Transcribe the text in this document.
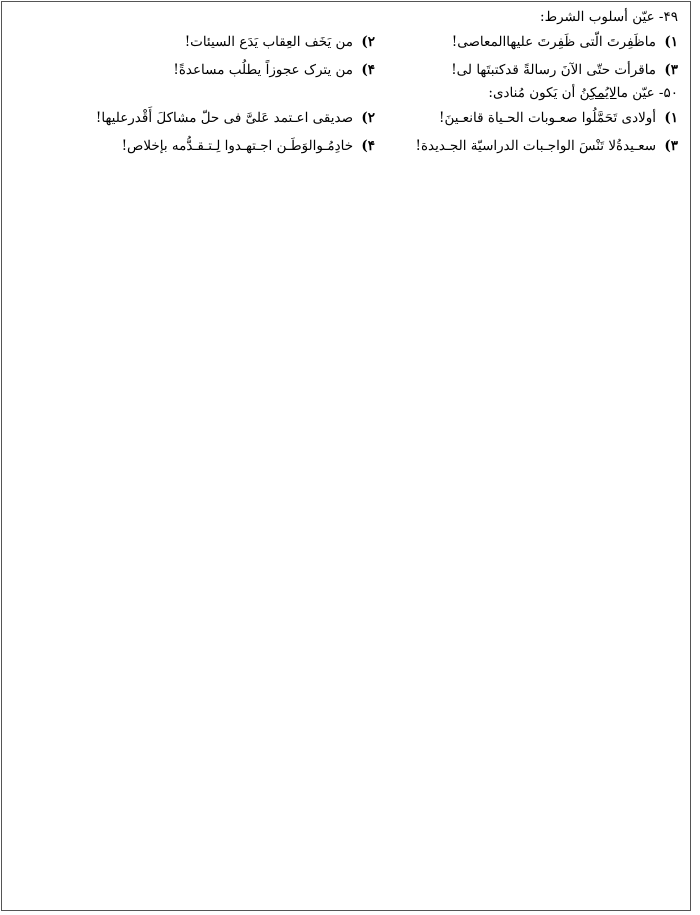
۴۹- عیّن أسلوب الشرط:
۱) ماظَفِرتَ الّتی ظَفِرتَ علیهاالمعاصی!
۲) من یَخَف العِقاب یَدَع السیئات!
۳) ماقرأت حتّی الآنَ رسالةً قدکتبتَها لی!
۴) من یترک عجوزاً یطلُب مساعدةً!
۵۰- عیّن مالایُمکِنُ أن یَکون مُنادی:
۱) أولادی تَحَمَّلُوا صعـوبات الحـیاة قانعـینَ!
۲) صدیقی اعـتمد عَلیَّ فی حلّ مشاکلَ أَقْدرعلیها!
۳) سعـیدةُلا تَنْسَ الواجـبات الدراسیّة الجـدیدة!
۴) خادِمُـوالوَطَـن اجـتهـدوا لِـتـقـدُّمه بإخلاص!
